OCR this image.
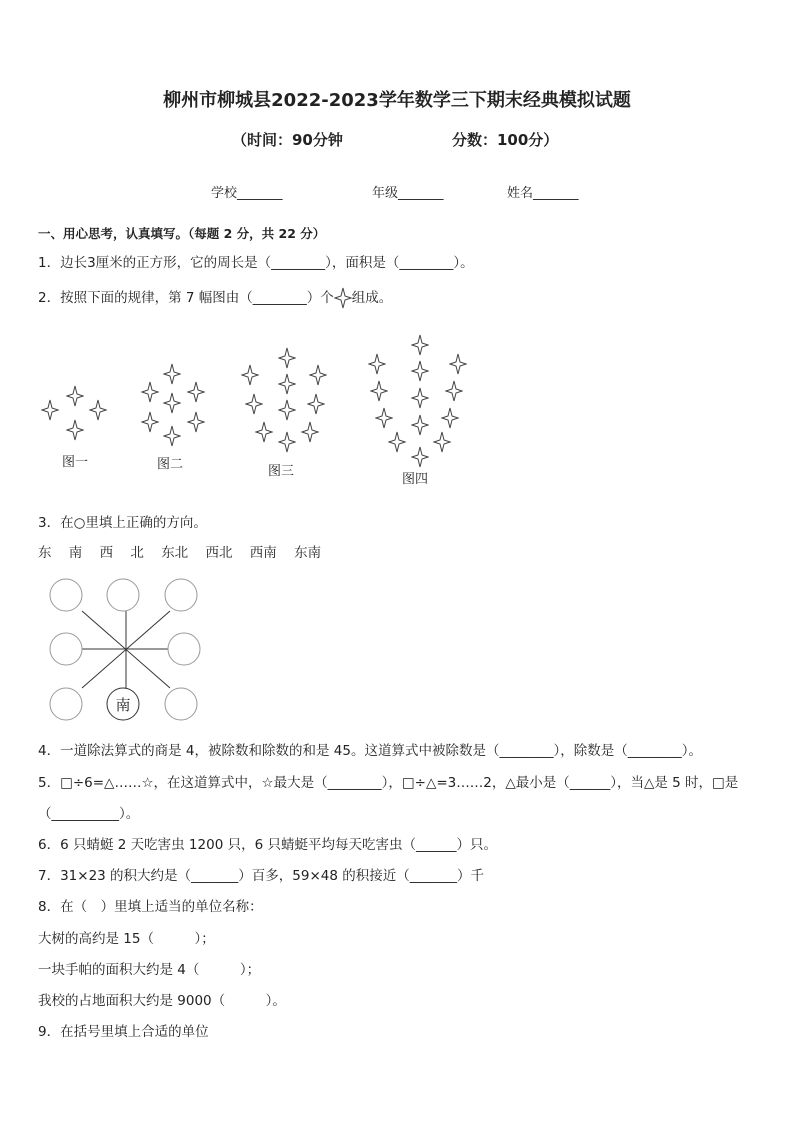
柳州市柳城县2022-2023学年数学三下期末经典模拟试题
（时间：90分钟	分数：100分）
学校_______	年级_______	姓名_______
一、用心思考，认真填写。（每题 2 分，共 22 分）
1．边长3厘米的正方形，它的周长是（________），面积是（________）。
2．按照下面的规律，第 7 幅图由（________）个 组成。
图一	图二	图三
图四
3．在○里填上正确的方向。
东 南 西 北 东北 西北 西南 东南
南
4．一道除法算式的商是 4，被除数和除数的和是 45。这道算式中被除数是（________），除数是（________）。
5．□÷6=△……☆，在这道算式中，☆最大是（________），□÷△=3……2，△最小是（______），当△是 5 时，□是
（__________）。
6．6 只蜻蜓 2 天吃害虫 1200 只，6 只蜻蜓平均每天吃害虫（______）只。
7．31×23 的积大约是（_______）百多，59×48 的积接近（_______）千
8．在（　）里填上适当的单位名称：
大树的高约是 15（　　　）；
一块手帕的面积大约是 4（　　　）；
我校的占地面积大约是 9000（　　　）。
9．在括号里填上合适的单位
